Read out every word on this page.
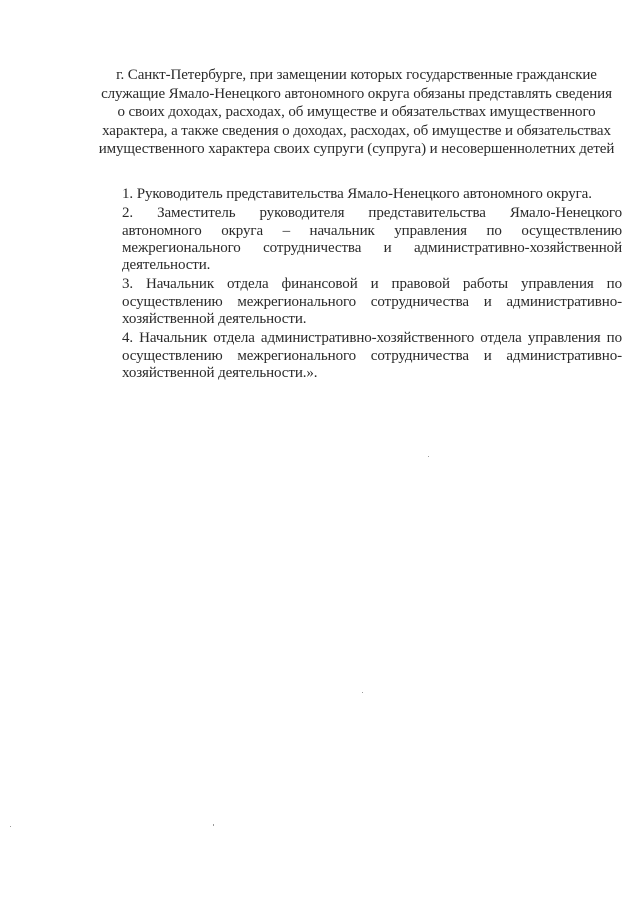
г. Санкт-Петербурге, при замещении которых государственные гражданские
служащие Ямало-Ненецкого автономного округа обязаны представлять сведения
о своих доходах, расходах, об имуществе и обязательствах имущественного
характера, а также сведения о доходах, расходах, об имуществе и обязательствах
имущественного характера своих супруги (супруга) и несовершеннолетних детей
1. Руководитель представительства Ямало-Ненецкого автономного округа.
2. Заместитель руководителя представительства Ямало-Ненецкого
автономного округа – начальник управления по осуществлению
межрегионального сотрудничества и административно-хозяйственной
деятельности.
3. Начальник отдела финансовой и правовой работы управления по
осуществлению межрегионального сотрудничества и административно-
хозяйственной деятельности.
4. Начальник отдела административно-хозяйственного отдела управления по
осуществлению межрегионального сотрудничества и административно-
хозяйственной деятельности.».
